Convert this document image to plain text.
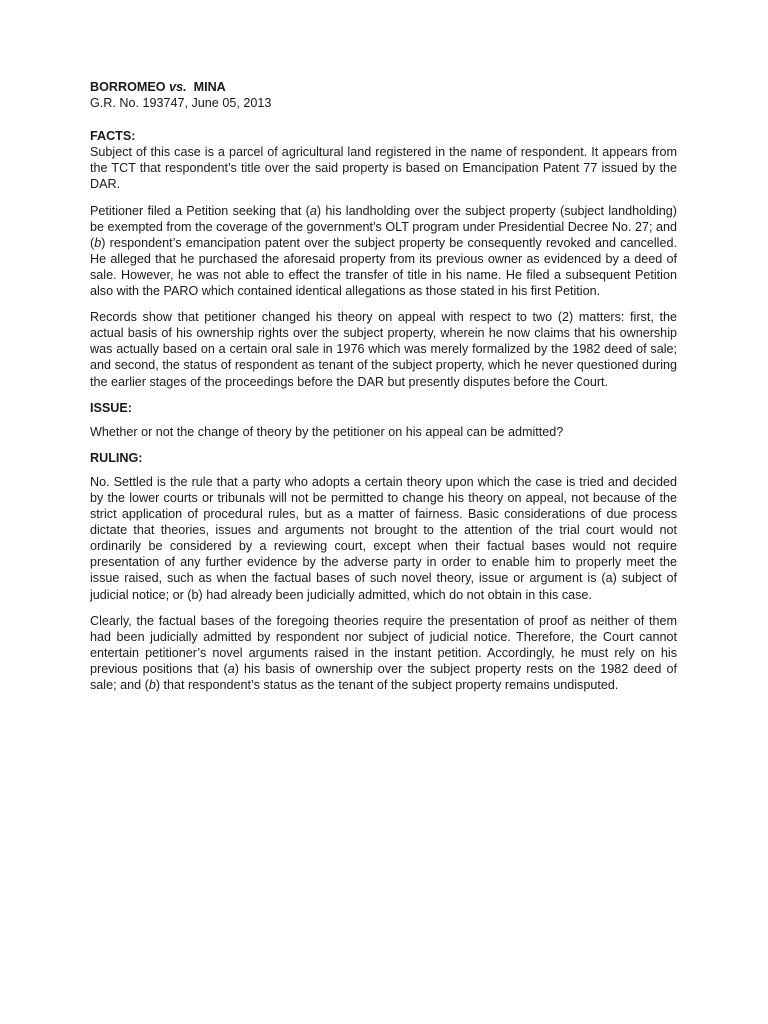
BORROMEO vs. MINA

G.R. No. 193747, June 05, 2013

FACTS:

Subject of this case is a parcel of agricultural land registered in the name of respondent. It appears from the TCT that respondent’s title over the said property is based on Emancipation Patent 77 issued by the DAR.

Petitioner filed a Petition seeking that (a) his landholding over the subject property (subject landholding) be exempted from the coverage of the government’s OLT program under Presidential Decree No. 27; and (b) respondent’s emancipation patent over the subject property be consequently revoked and cancelled. He alleged that he purchased the aforesaid property from its previous owner as evidenced by a deed of sale. However, he was not able to effect the transfer of title in his name. He filed a subsequent Petition also with the PARO which contained identical allegations as those stated in his first Petition.

Records show that petitioner changed his theory on appeal with respect to two (2) matters: first, the actual basis of his ownership rights over the subject property, wherein he now claims that his ownership was actually based on a certain oral sale in 1976 which was merely formalized by the 1982 deed of sale; and second, the status of respondent as tenant of the subject property, which he never questioned during the earlier stages of the proceedings before the DAR but presently disputes before the Court.

ISSUE:

Whether or not the change of theory by the petitioner on his appeal can be admitted?

RULING:

No. Settled is the rule that a party who adopts a certain theory upon which the case is tried and decided by the lower courts or tribunals will not be permitted to change his theory on appeal, not because of the strict application of procedural rules, but as a matter of fairness. Basic considerations of due process dictate that theories, issues and arguments not brought to the attention of the trial court would not ordinarily be considered by a reviewing court, except when their factual bases would not require presentation of any further evidence by the adverse party in order to enable him to properly meet the issue raised, such as when the factual bases of such novel theory, issue or argument is (a) subject of judicial notice; or (b) had already been judicially admitted, which do not obtain in this case.

Clearly, the factual bases of the foregoing theories require the presentation of proof as neither of them had been judicially admitted by respondent nor subject of judicial notice. Therefore, the Court cannot entertain petitioner’s novel arguments raised in the instant petition. Accordingly, he must rely on his previous positions that (a) his basis of ownership over the subject property rests on the 1982 deed of sale; and (b) that respondent’s status as the tenant of the subject property remains undisputed.
